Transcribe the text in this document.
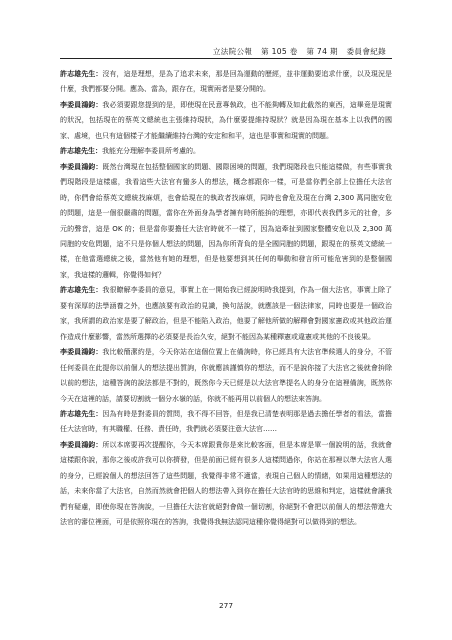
立法院公報 第 105 卷 第 74 期 委員會紀錄

許志雄先生：沒有，這是理想，是為了追求未來，那是回為運動的歷經，並非運動要追求什麼，以及現況是什麼，我們都要分開。應為、當為，跟存在，現實兩者是要分開的。

李委員鴻鈞：我必須要跟您提到的是，即使現在民意專執政，也不能夠轉及如此截然的東西，這畢竟是現實的狀況，包括現在的蔡英文總統也主張維持現狀，為什麼要提維持現狀？就是因為現在基本上以我們的國家、處境，也只有這個樣子才能繼續維持台灣的安定和和平，這也是事實和現實的問題。

許志雄先生：我能充分理解李委員所考慮的。

李委員鴻鈞：既然台灣現在包括整個國家的問題、國際困境的問題，我們現階段也只能這樣做，有些事實我們現階段是這樣處，我看這些大法官有蠻多人的想法，概念都跟你一樣，可是當你們全部上位擔任大法官時，你們會給蔡英文總統找麻煩，也會給現在的執政者找麻煩，同時也會危及現在台灣 2,300 萬同胞安危的問題，這是一個很嚴肅的問題，當你在外面身為學者擁有時所能拚的理想，亦即代表我們多元的社會，多元的聲音，這是 OK 的；但是當你要擔任大法官時就不一樣了，因為這牽扯到國家整體安危以及 2,300 萬同胞的安危問題，這不只是你個人想法的問題，因為你所背負的是全國同胞的問題，跟現在的蔡英文總統一樣，在他當選總統之後，當然他有她的理想，但是他要想到其任何的舉動和發言所可能危害到的是整個國家，我這樣的邏輯，你覺得如何？

許志雄先生：我很瞭解李委員的意見，事實上在一開始我已經說明時我提到，作為一個大法官，事實上除了要有深厚的法學涵養之外，也應該要有政治的見識，換句話說，就應該是一個法律家，同時也要是一個政治家，我所謂的政治家是要了解政治，但是不能陷入政治，他要了解他所做的解釋會對國家憲政或其他政治運作造成什麼影響，當然所選擇的必須要是長治久安，絕對不能因為某種釋憲或違憲或其他的不良後果。

李委員鴻鈞：我比較簡潔約是，今天你站在這個位置上在備詢時，你已經具有大法官準候選人的身分，不管任何委員在此提你以前個人的想法提出質詢，你就應該謹慎你的想法，而不是說你接了大法官之後就會拚除以前的想法，這種答詢的說法都是不對的，既然你今天已經是以大法官準提名人的身分在這裡備詢，既然你今天在這裡的話，請要切割就一個分水嶺的話，你就不能再用以前個人的想法來答詢。

許志雄先生：因為有時是對委員的質問，我不得不回答，但是我已清楚表明那是過去擔任學者的看法，當擔任大法官時，有其職權、任務、責任時，我們就必須要注意大法官……

李委員鴻鈞：所以本席要再次提醒你，今天本席跟貴你是來比較客面，但是本席是單一個說明的話，我就會這樣跟你說，那你之後或許我可以你擠發，但是前面已經有很多人這樣問過你，你站在那裡以準大法官人選的身分，已經說個人的想法回答了這些問題，我覺得非常不適當，表現自己個人的情緒，如果用這種想法的話，未來你當了大法官，自然而然就會把個人的想法帶入到你在擔任大法官時的思維和判定，這樣就會讓我們有疑慮，即使你現在答詢說，一旦擔任大法官就絕對會做一個切割，你絕對不會把以前個人的想法帶進大法官的審位裡面，可是依照你現在的答詢，我覺得我無法認同這種你覺得絕對可以做得到的想法。

277
